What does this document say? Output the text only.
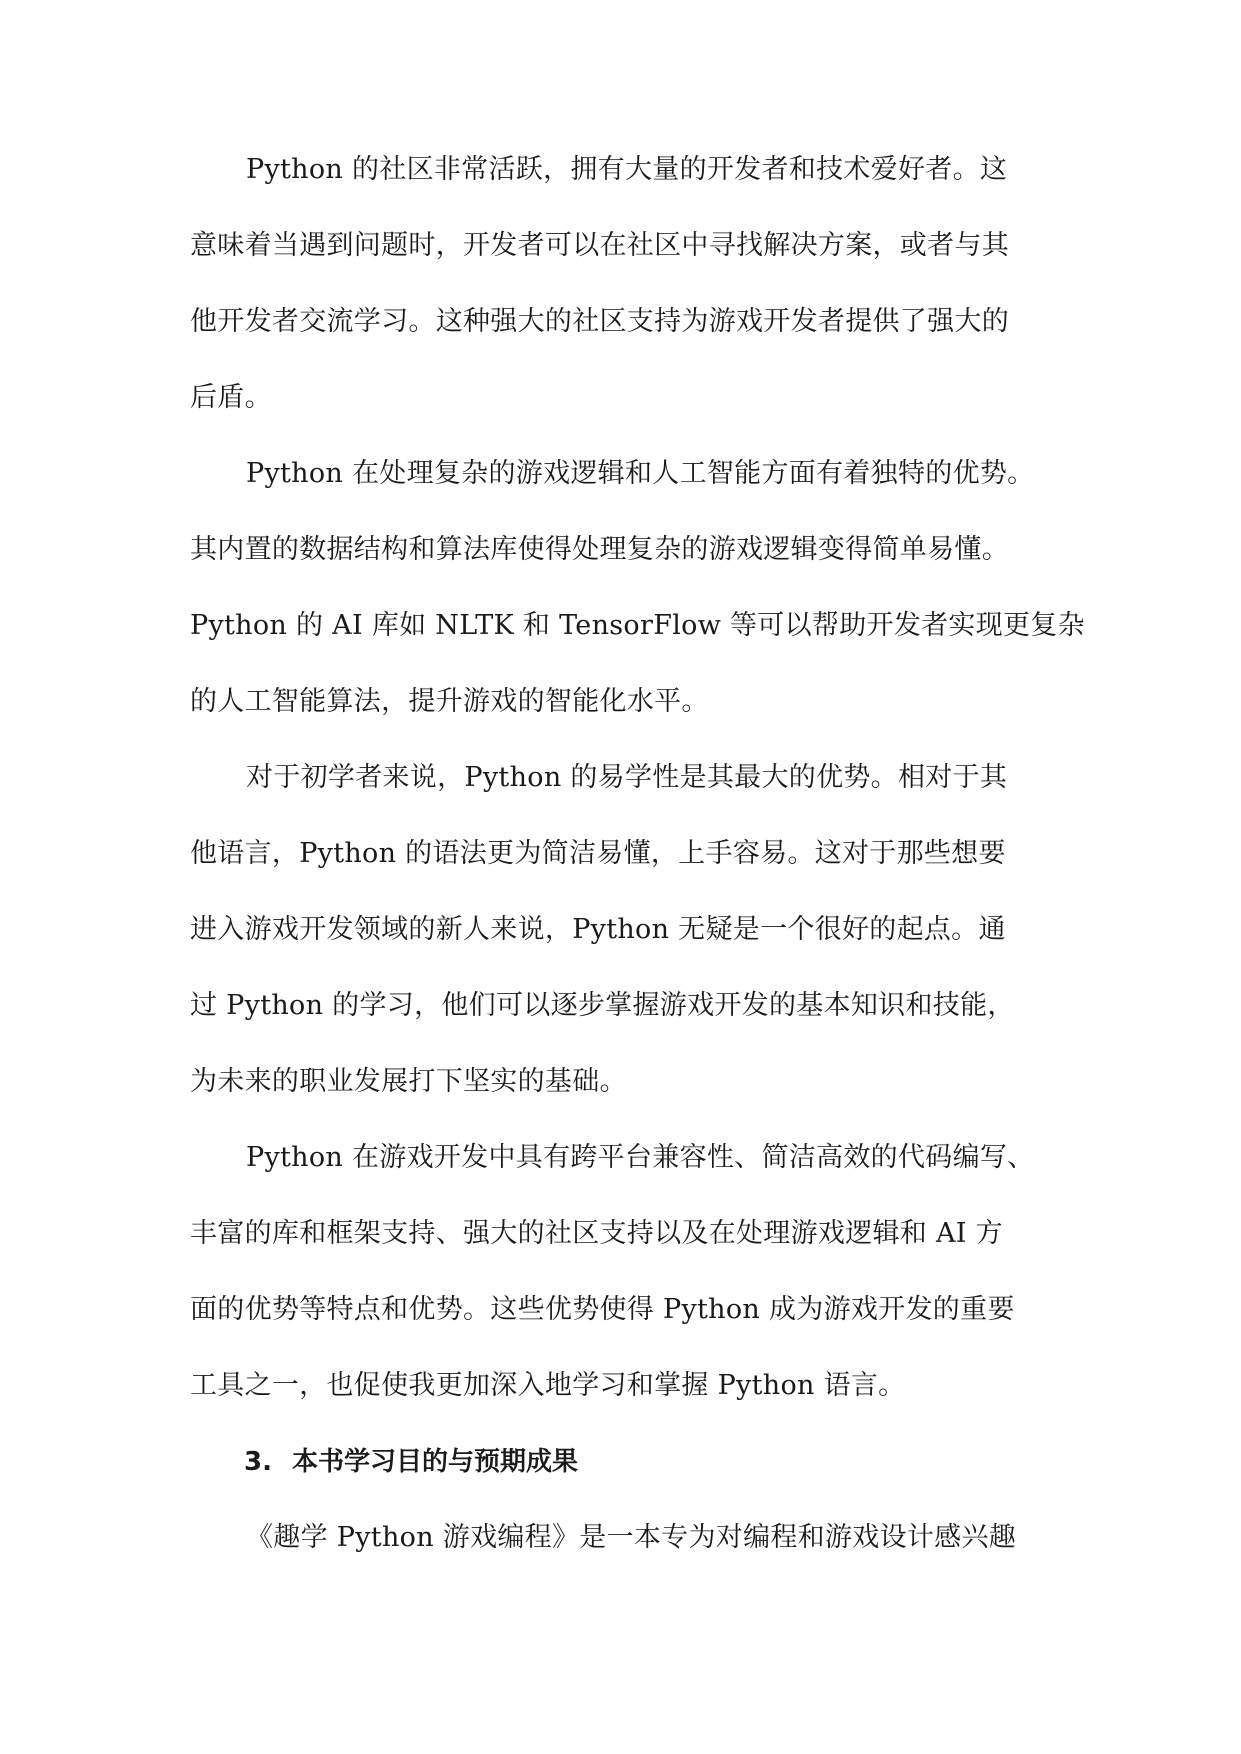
Python 的社区非常活跃，拥有大量的开发者和技术爱好者。这

意味着当遇到问题时，开发者可以在社区中寻找解决方案，或者与其

他开发者交流学习。这种强大的社区支持为游戏开发者提供了强大的

后盾。

Python 在处理复杂的游戏逻辑和人工智能方面有着独特的优势。

其内置的数据结构和算法库使得处理复杂的游戏逻辑变得简单易懂。

Python 的 AI 库如 NLTK 和 TensorFlow 等可以帮助开发者实现更复杂

的人工智能算法，提升游戏的智能化水平。

对于初学者来说，Python 的易学性是其最大的优势。相对于其

他语言，Python 的语法更为简洁易懂，上手容易。这对于那些想要

进入游戏开发领域的新人来说，Python 无疑是一个很好的起点。通

过 Python 的学习，他们可以逐步掌握游戏开发的基本知识和技能，

为未来的职业发展打下坚实的基础。

Python 在游戏开发中具有跨平台兼容性、简洁高效的代码编写、

丰富的库和框架支持、强大的社区支持以及在处理游戏逻辑和 AI 方

面的优势等特点和优势。这些优势使得 Python 成为游戏开发的重要

工具之一，也促使我更加深入地学习和掌握 Python 语言。

3. 本书学习目的与预期成果

《趣学 Python 游戏编程》是一本专为对编程和游戏设计感兴趣
